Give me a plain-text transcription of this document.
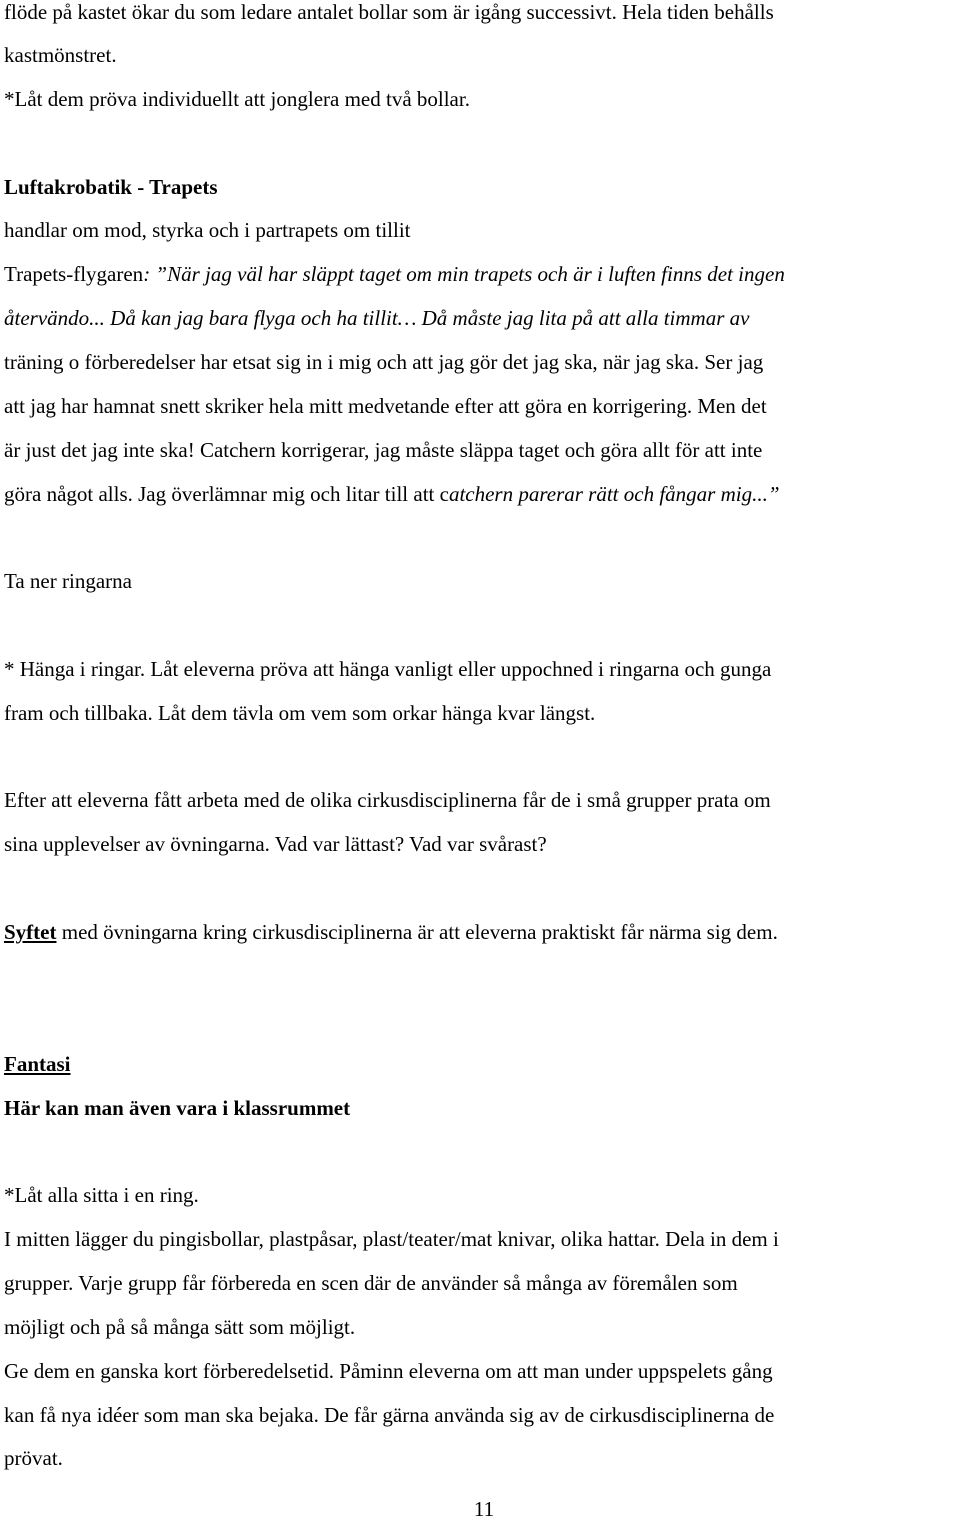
flöde på kastet ökar du som ledare antalet bollar som är igång successivt. Hela tiden behålls
kastmönstret.
*Låt dem pröva individuellt att jonglera med två bollar.
Luftakrobatik - Trapets
handlar om mod, styrka och i partrapets om tillit
Trapets-flygaren: ”När jag väl har släppt taget om min trapets och är i luften finns det ingen
återvändo... Då kan jag bara flyga och ha tillit… Då måste jag lita på att alla timmar av
träning o förberedelser har etsat sig in i mig och att jag gör det jag ska, när jag ska. Ser jag
att jag har hamnat snett skriker hela mitt medvetande efter att göra en korrigering. Men det
är just det jag inte ska! Catchern korrigerar, jag måste släppa taget och göra allt för att inte
göra något alls. Jag överlämnar mig och litar till att catchern parerar rätt och fångar mig...”
Ta ner ringarna
* Hänga i ringar. Låt eleverna pröva att hänga vanligt eller uppochned i ringarna och gunga
fram och tillbaka. Låt dem tävla om vem som orkar hänga kvar längst.
Efter att eleverna fått arbeta med de olika cirkusdisciplinerna får de i små grupper prata om
sina upplevelser av övningarna. Vad var lättast? Vad var svårast?
Syftet med övningarna kring cirkusdisciplinerna är att eleverna praktiskt får närma sig dem.
Fantasi
Här kan man även vara i klassrummet
*Låt alla sitta i en ring.
I mitten lägger du pingisbollar, plastpåsar, plast/teater/mat knivar, olika hattar. Dela in dem i
grupper. Varje grupp får förbereda en scen där de använder så många av föremålen som
möjligt och på så många sätt som möjligt.
Ge dem en ganska kort förberedelsetid. Påminn eleverna om att man under uppspelets gång
kan få nya idéer som man ska bejaka. De får gärna använda sig av de cirkusdisciplinerna de
prövat.
11
